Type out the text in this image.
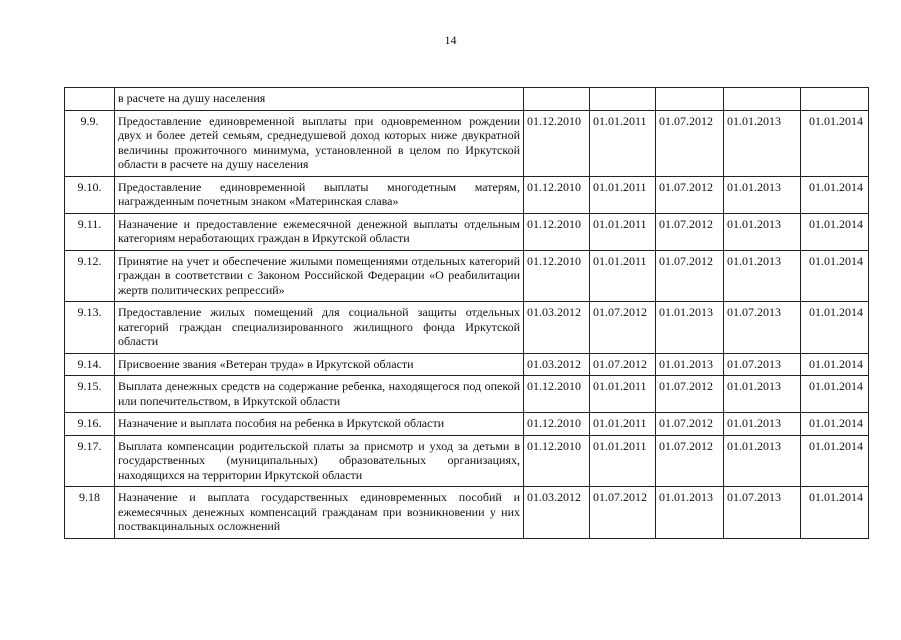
14
	в расчете на душу населения					
9.9.	Предоставление единовременной выплаты при одновременном рождении двух и более детей семьям, среднедушевой доход которых ниже двукратной величины прожиточного минимума, установленной в целом по Иркутской области в расчете на душу населения	01.12.2010	01.01.2011	01.07.2012	01.01.2013	01.01.2014
9.10.	Предоставление единовременной выплаты многодетным матерям, награжденным почетным знаком «Материнская слава»	01.12.2010	01.01.2011	01.07.2012	01.01.2013	01.01.2014
9.11.	Назначение и предоставление ежемесячной денежной выплаты отдельным категориям неработающих граждан в Иркутской области	01.12.2010	01.01.2011	01.07.2012	01.01.2013	01.01.2014
9.12.	Принятие на учет и обеспечение жилыми помещениями отдельных категорий граждан в соответствии с Законом Российской Федерации «О реабилитации жертв политических репрессий»	01.12.2010	01.01.2011	01.07.2012	01.01.2013	01.01.2014
9.13.	Предоставление жилых помещений для социальной защиты отдельных категорий граждан специализированного жилищного фонда Иркутской области	01.03.2012	01.07.2012	01.01.2013	01.07.2013	01.01.2014
9.14.	Присвоение звания «Ветеран труда» в Иркутской области	01.03.2012	01.07.2012	01.01.2013	01.07.2013	01.01.2014
9.15.	Выплата денежных средств на содержание ребенка, находящегося под опекой или попечительством, в Иркутской области	01.12.2010	01.01.2011	01.07.2012	01.01.2013	01.01.2014
9.16.	Назначение и выплата пособия на ребенка в Иркутской области	01.12.2010	01.01.2011	01.07.2012	01.01.2013	01.01.2014
9.17.	Выплата компенсации родительской платы за присмотр и уход за детьми в государственных (муниципальных) образовательных организациях, находящихся на территории Иркутской области	01.12.2010	01.01.2011	01.07.2012	01.01.2013	01.01.2014
9.18	Назначение и выплата государственных единовременных пособий и ежемесячных денежных компенсаций гражданам при возникновении у них поствакцинальных осложнений	01.03.2012	01.07.2012	01.01.2013	01.07.2013	01.01.2014
